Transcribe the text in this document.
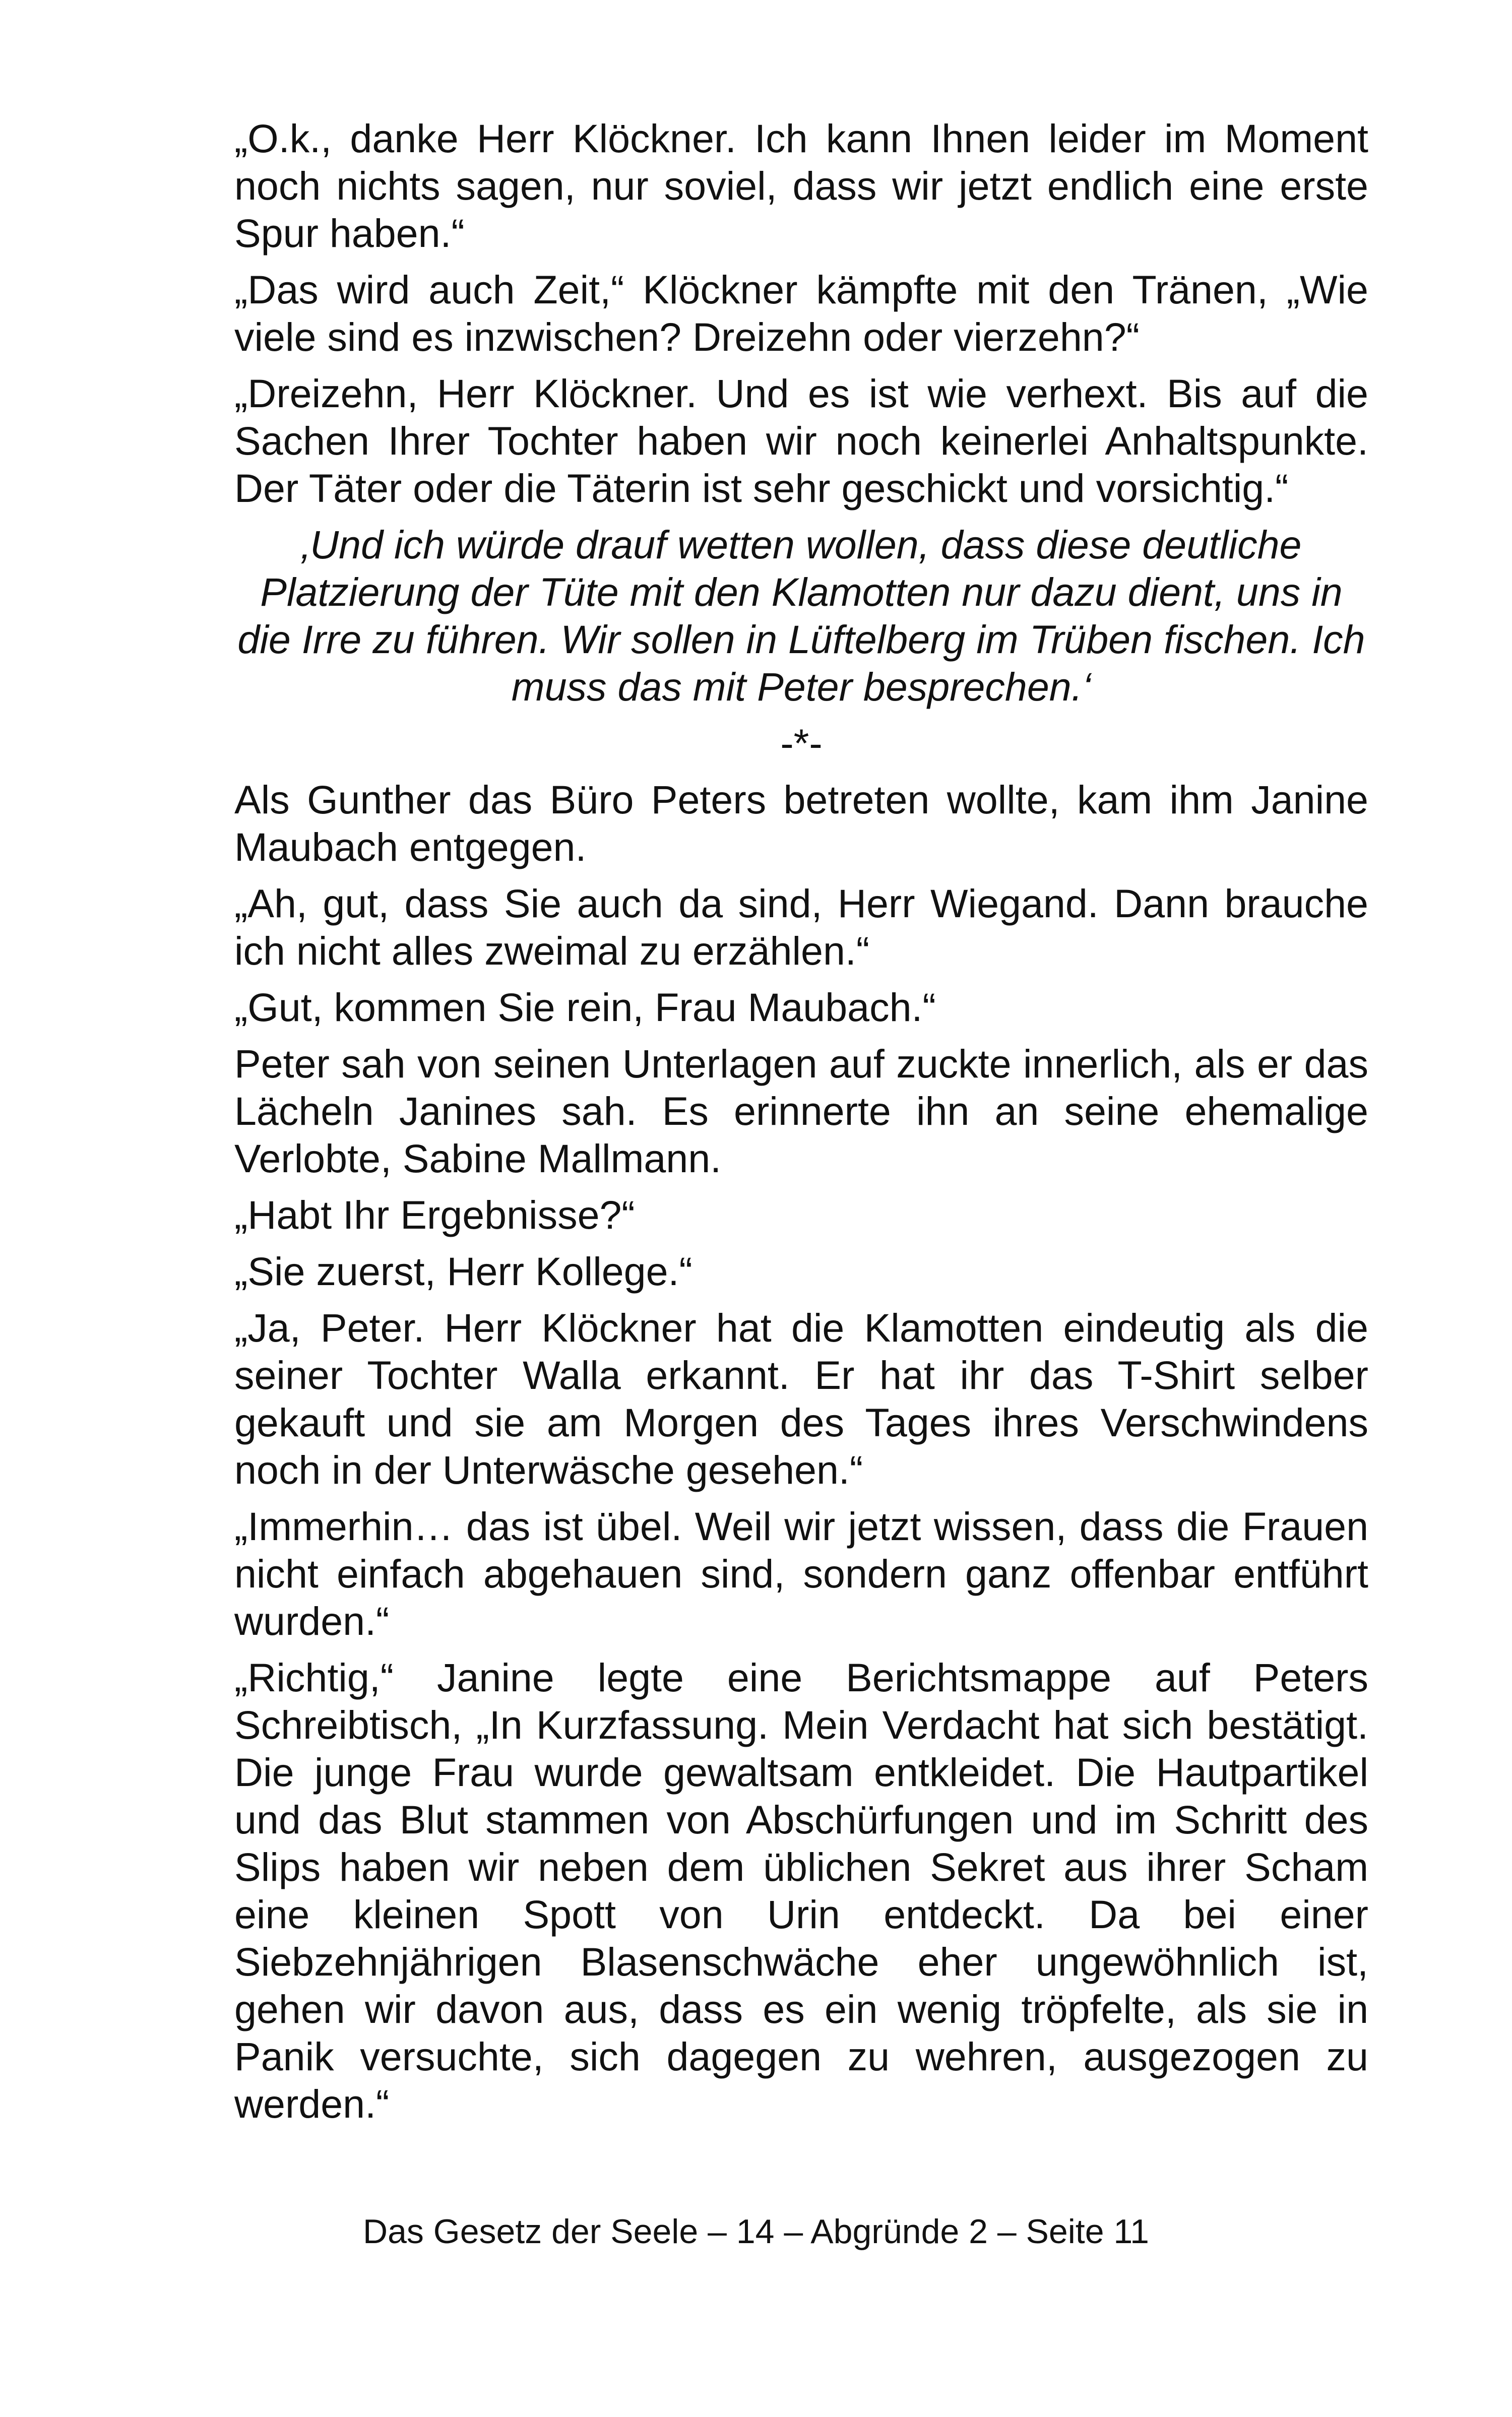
„O.k., danke Herr Klöckner. Ich kann Ihnen leider im Moment noch nichts sagen, nur soviel, dass wir jetzt endlich eine erste Spur haben.“

„Das wird auch Zeit,“ Klöckner kämpfte mit den Tränen, „Wie viele sind es inzwischen? Dreizehn oder vierzehn?“

„Dreizehn, Herr Klöckner. Und es ist wie verhext. Bis auf die Sachen Ihrer Tochter haben wir noch keinerlei Anhaltspunkte. Der Täter oder die Täterin ist sehr geschickt und vorsichtig.“

‚Und ich würde drauf wetten wollen, dass diese deutliche Platzierung der Tüte mit den Klamotten nur dazu dient, uns in die Irre zu führen. Wir sollen in Lüftelberg im Trüben fischen. Ich muss das mit Peter besprechen.‘

-*-

Als Gunther das Büro Peters betreten wollte, kam ihm Janine Maubach entgegen.

„Ah, gut, dass Sie auch da sind, Herr Wiegand. Dann brauche ich nicht alles zweimal zu erzählen.“

„Gut, kommen Sie rein, Frau Maubach.“

Peter sah von seinen Unterlagen auf zuckte innerlich, als er das Lächeln Janines sah. Es erinnerte ihn an seine ehemalige Verlobte, Sabine Mallmann.

„Habt Ihr Ergebnisse?“

„Sie zuerst, Herr Kollege.“

„Ja, Peter. Herr Klöckner hat die Klamotten eindeutig als die seiner Tochter Walla erkannt. Er hat ihr das T-Shirt selber gekauft und sie am Morgen des Tages ihres Verschwindens noch in der Unterwäsche gesehen.“

„Immerhin… das ist übel. Weil wir jetzt wissen, dass die Frauen nicht einfach abgehauen sind, sondern ganz offenbar entführt wurden.“

„Richtig,“ Janine legte eine Berichtsmappe auf Peters Schreibtisch, „In Kurzfassung. Mein Verdacht hat sich bestätigt. Die junge Frau wurde gewaltsam entkleidet. Die Hautpartikel und das Blut stammen von Abschürfungen und im Schritt des Slips haben wir neben dem üblichen Sekret aus ihrer Scham eine kleinen Spott von Urin entdeckt. Da bei einer Siebzehnjährigen Blasenschwäche eher ungewöhnlich ist, gehen wir davon aus, dass es ein wenig tröpfelte, als sie in Panik versuchte, sich dagegen zu wehren, ausgezogen zu werden.“

Das Gesetz der Seele – 14 – Abgründe 2 – Seite 11
